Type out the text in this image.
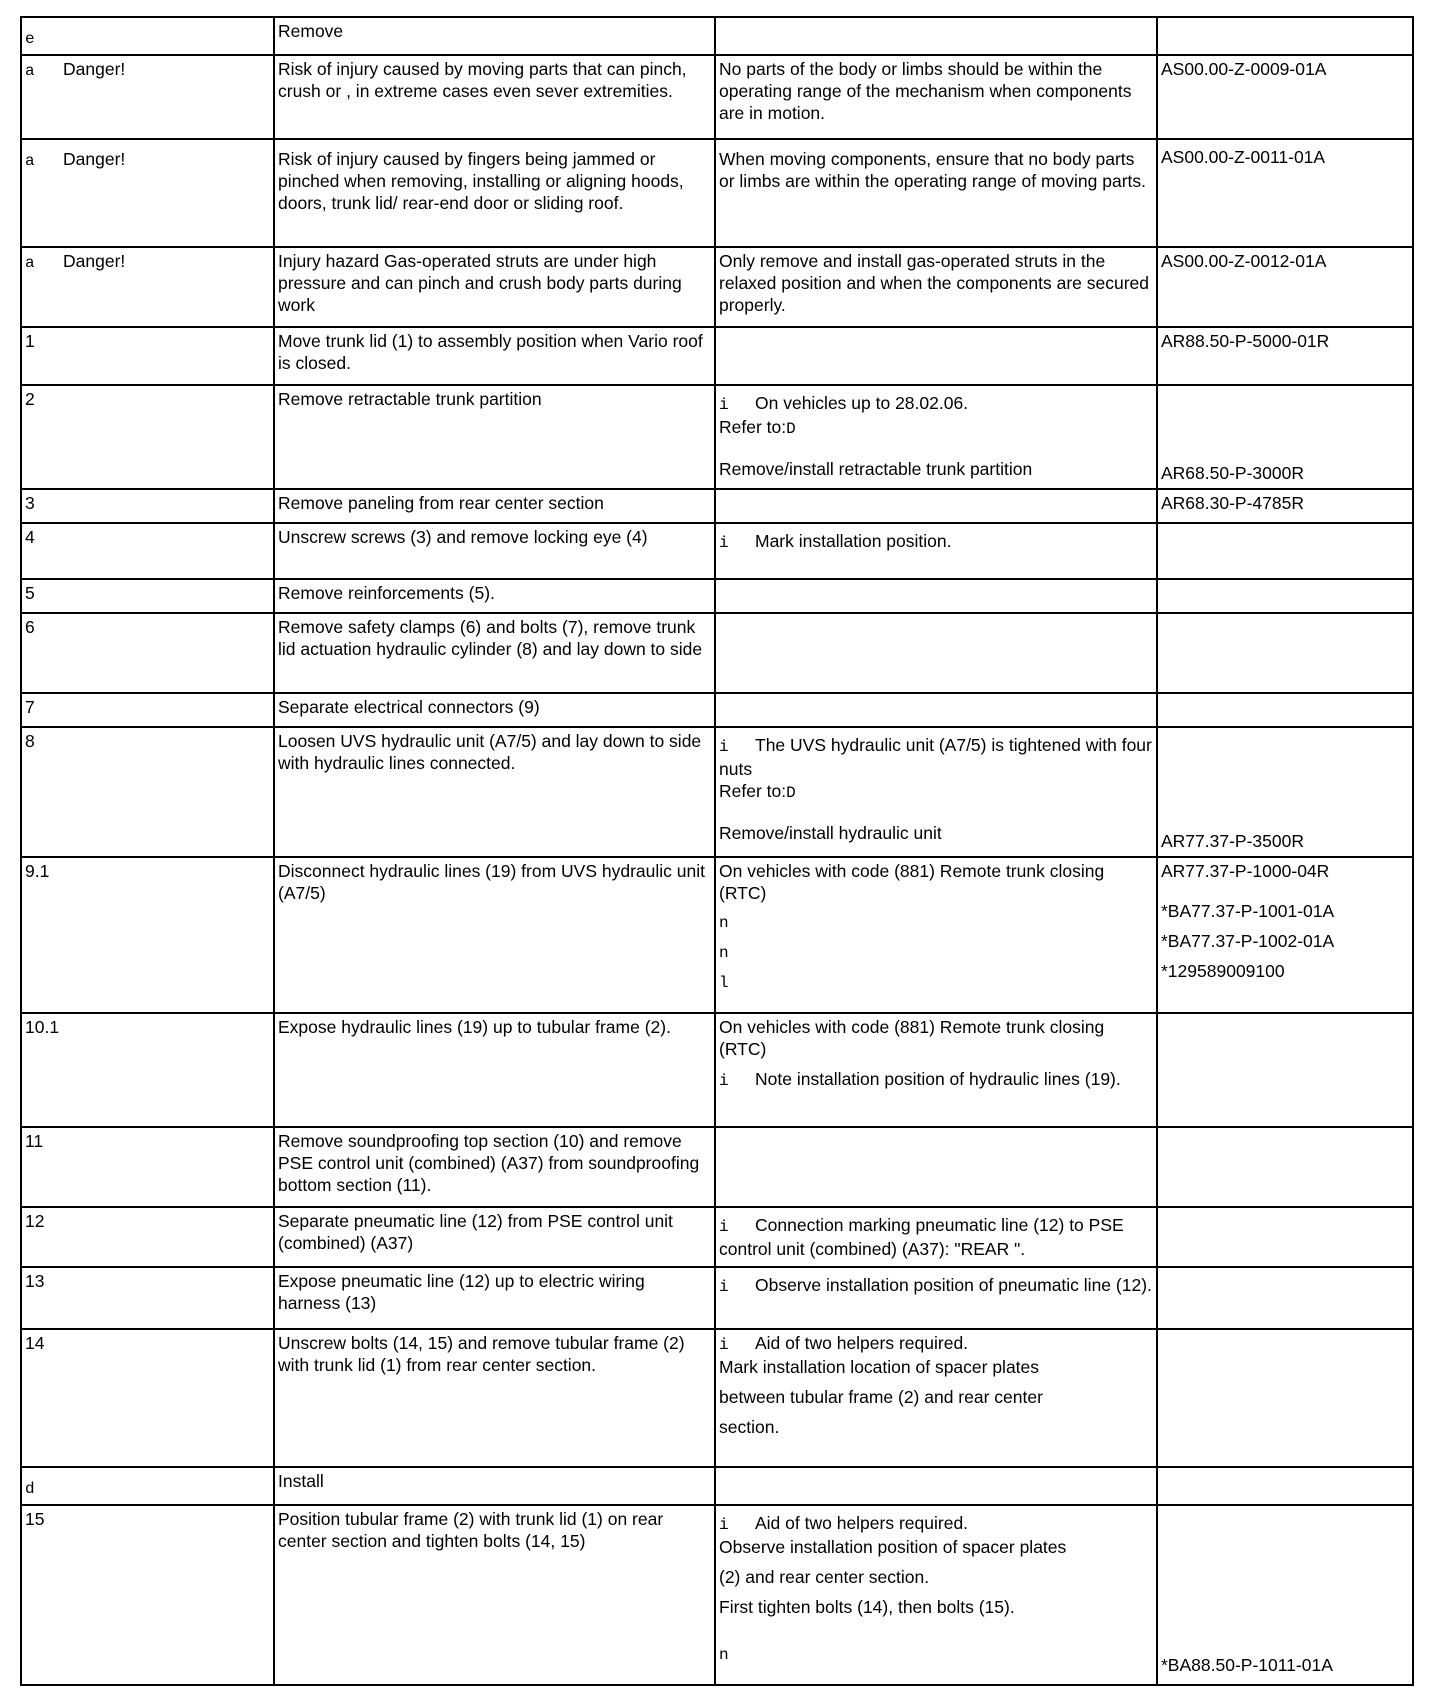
e	Remove		
a Danger!	Risk of injury caused by moving parts that can pinch, crush or , in extreme cases even sever extremities.	No parts of the body or limbs should be within the operating range of the mechanism when components are in motion.	AS00.00-Z-0009-01A
a Danger!	Risk of injury caused by fingers being jammed or pinched when removing, installing or aligning hoods, doors, trunk lid/ rear-end door or sliding roof.	When moving components, ensure that no body parts or limbs are within the operating range of moving parts.	AS00.00-Z-0011-01A
a Danger!	Injury hazard Gas-operated struts are under high pressure and can pinch and crush body parts during work	Only remove and install gas-operated struts in the relaxed position and when the components are secured properly.	AS00.00-Z-0012-01A
1	Move trunk lid (1) to assembly position when Vario roof is closed.		AR88.50-P-5000-01R
2	Remove retractable trunk partition	i On vehicles up to 28.02.06.
Refer to:D
Remove/install retractable trunk partition	AR68.50-P-3000R

3	Remove paneling from rear center section		AR68.30-P-4785R
4	Unscrew screws (3) and remove locking eye (4)	i Mark installation position.	
5	Remove reinforcements (5).		
6	Remove safety clamps (6) and bolts (7), remove trunk lid actuation hydraulic cylinder (8) and lay down to side		
7	Separate electrical connectors (9)		
8	Loosen UVS hydraulic unit (A7/5) and lay down to side with hydraulic lines connected.	i The UVS hydraulic unit (A7/5) is tightened with four nuts
Refer to:D
Remove/install hydraulic unit	AR77.37-P-3500R

9.1	Disconnect hydraulic lines (19) from UVS hydraulic unit (A7/5)	On vehicles with code (881) Remote trunk closing (RTC)
n
n
l	AR77.37-P-1000-04R
*BA77.37-P-1001-01A
*BA77.37-P-1002-01A
*129589009100

10.1	Expose hydraulic lines (19) up to tubular frame (2).	On vehicles with code (881) Remote trunk closing (RTC)
i Note installation position of hydraulic lines (19).	

11	Remove soundproofing top section (10) and remove PSE control unit (combined) (A37) from soundproofing bottom section (11).		
12	Separate pneumatic line (12) from PSE control unit (combined) (A37)	i Connection marking pneumatic line (12) to PSE control unit (combined) (A37): "REAR ".	
13	Expose pneumatic line (12) up to electric wiring harness (13)	i Observe installation position of pneumatic line (12).	
14	Unscrew bolts (14, 15) and remove tubular frame (2) with trunk lid (1) from rear center section.	i Aid of two helpers required.
Mark installation location of spacer plates
between tubular frame (2) and rear center
section.	

d	Install		
15	Position tubular frame (2) with trunk lid (1) on rear center section and tighten bolts (14, 15)	i Aid of two helpers required.
Observe installation position of spacer plates
(2) and rear center section.
First tighten bolts (14), then bolts (15).
n	*BA88.50-P-1011-01A
